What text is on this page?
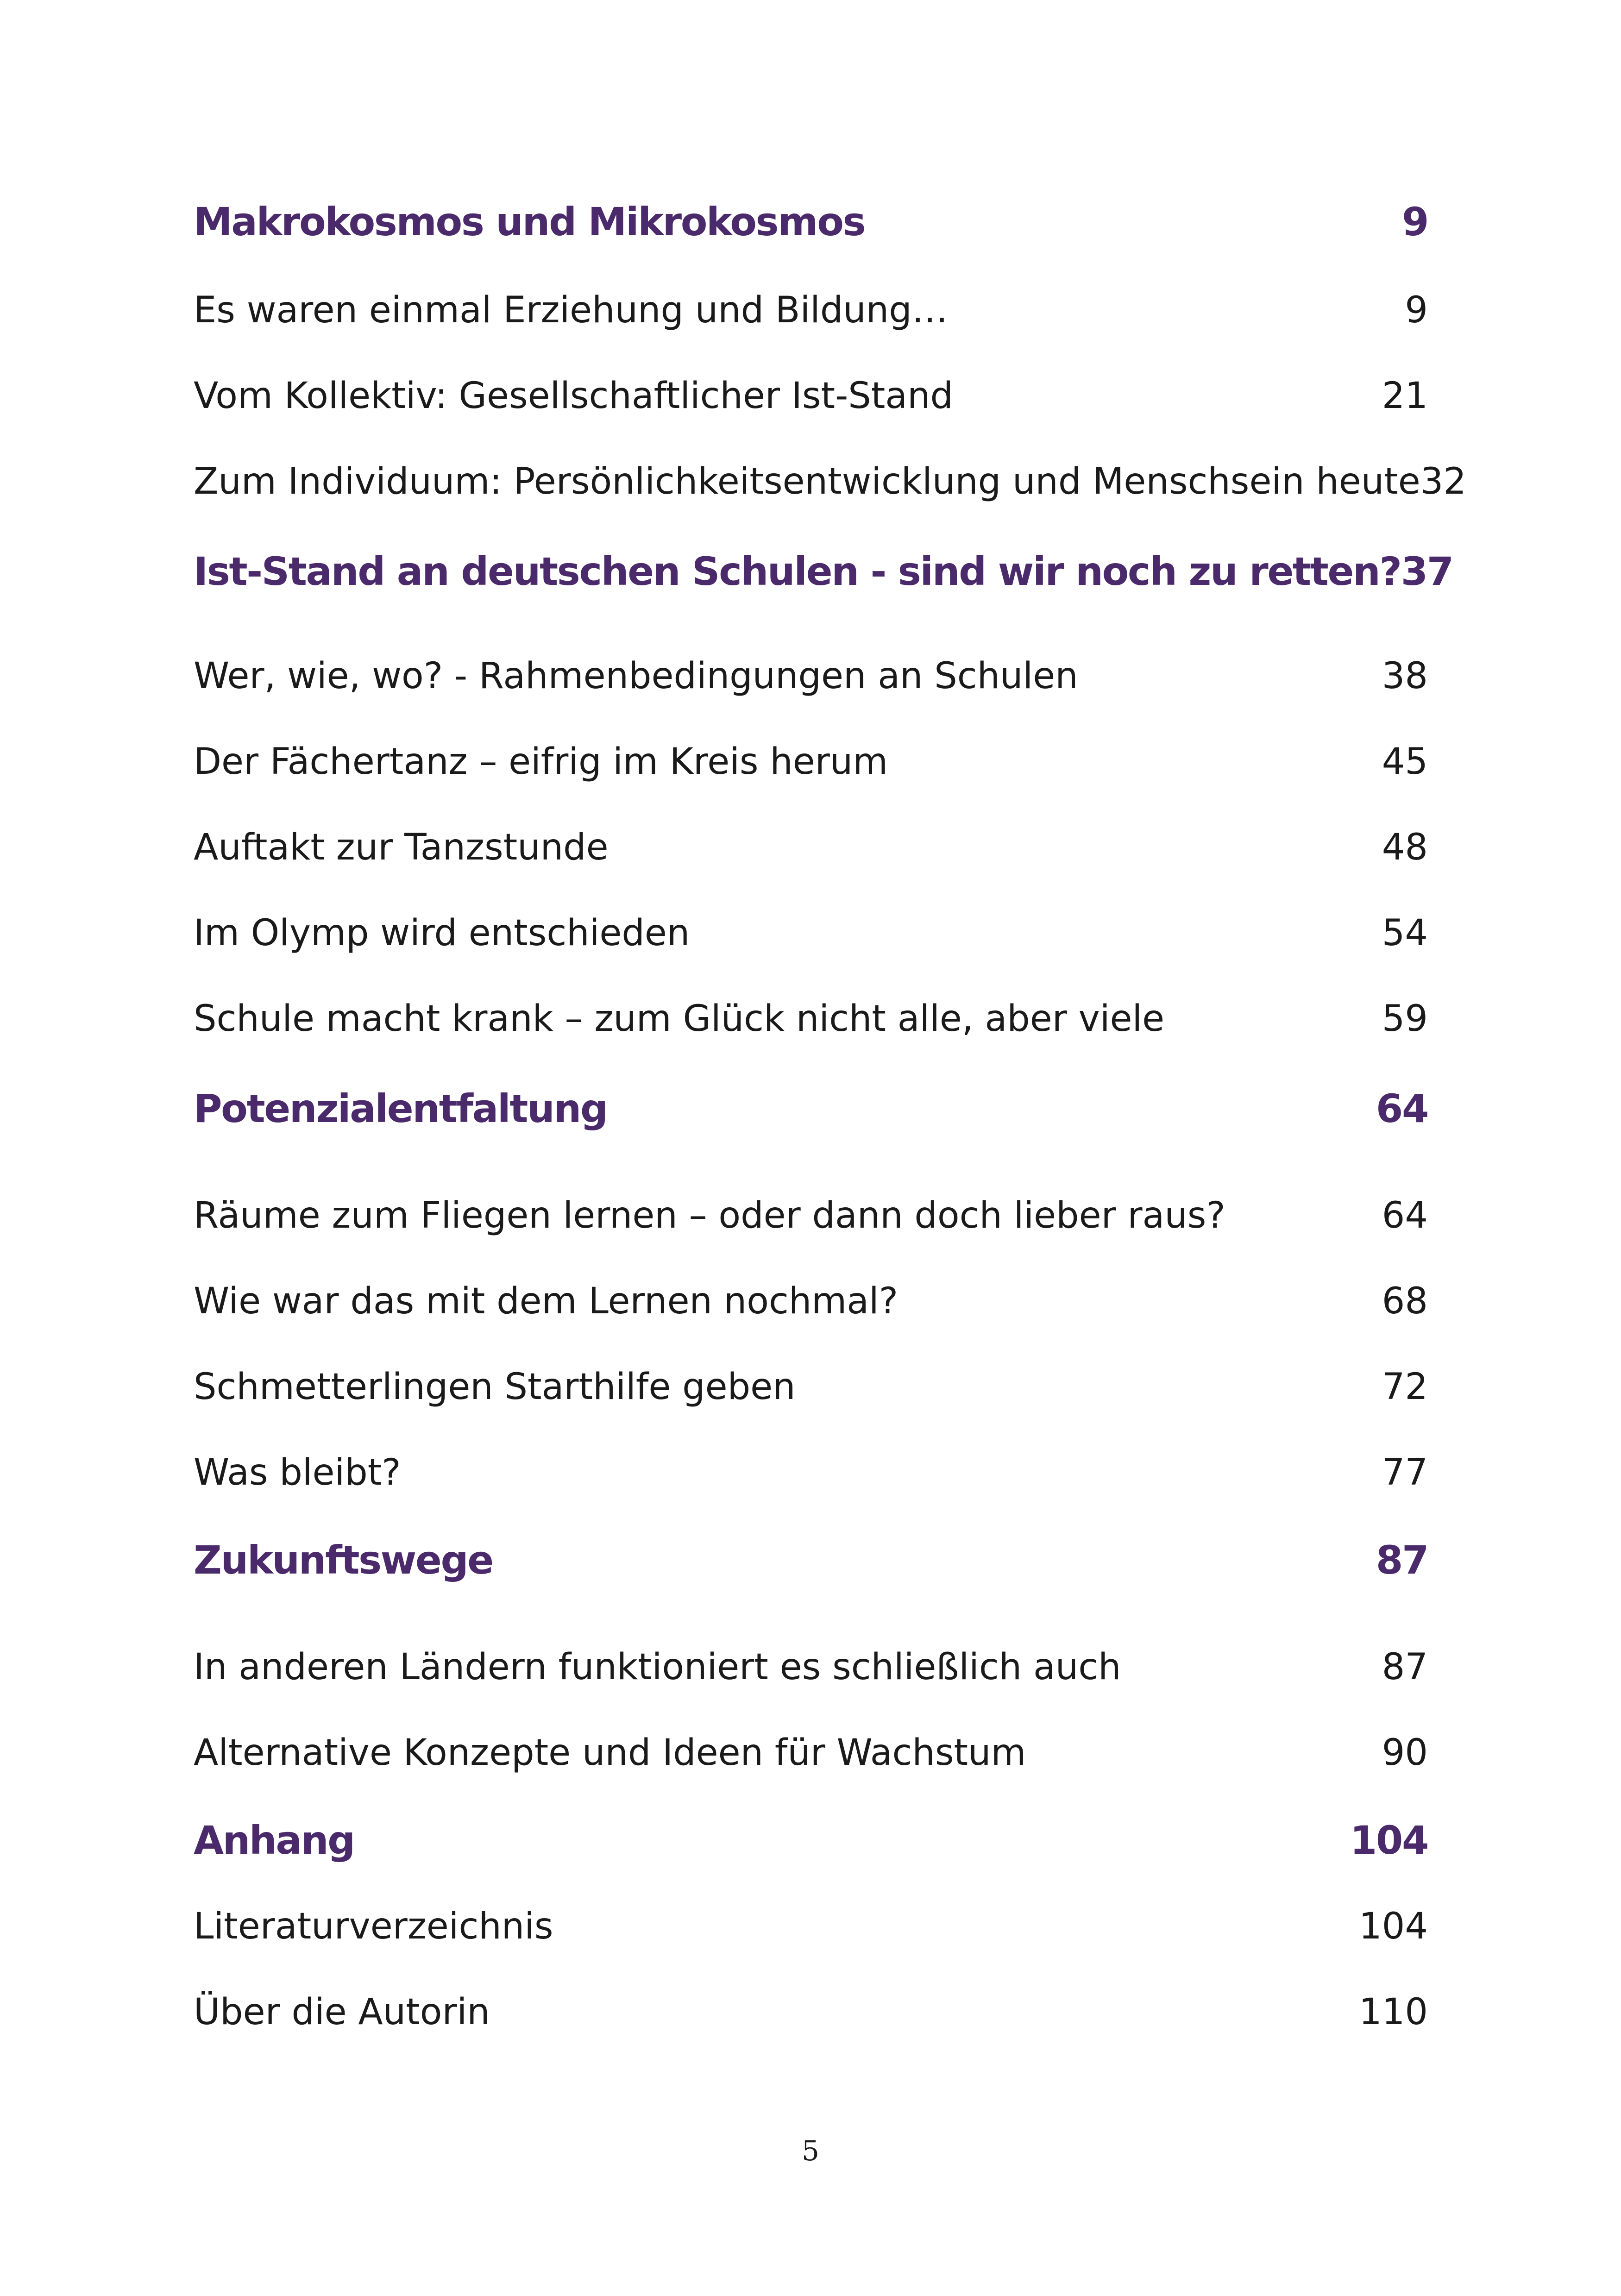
Makrokosmos und Mikrokosmos	9
Es waren einmal Erziehung und Bildung…	9
Vom Kollektiv: Gesellschaftlicher Ist-Stand	21
Zum Individuum: Persönlichkeitsentwicklung und Menschsein heute 32
Ist-Stand an deutschen Schulen - sind wir noch zu retten? 37
Wer, wie, wo? - Rahmenbedingungen an Schulen	38
Der Fächertanz – eifrig im Kreis herum	45
Auftakt zur Tanzstunde	48
Im Olymp wird entschieden	54
Schule macht krank – zum Glück nicht alle, aber viele	59
Potenzialentfaltung	64
Räume zum Fliegen lernen – oder dann doch lieber raus?	64
Wie war das mit dem Lernen nochmal?	68
Schmetterlingen Starthilfe geben	72
Was bleibt?	77
Zukunftswege	87
In anderen Ländern funktioniert es schließlich auch	87
Alternative Konzepte und Ideen für Wachstum	90
Anhang	104
Literaturverzeichnis	104
Über die Autorin	110
5
